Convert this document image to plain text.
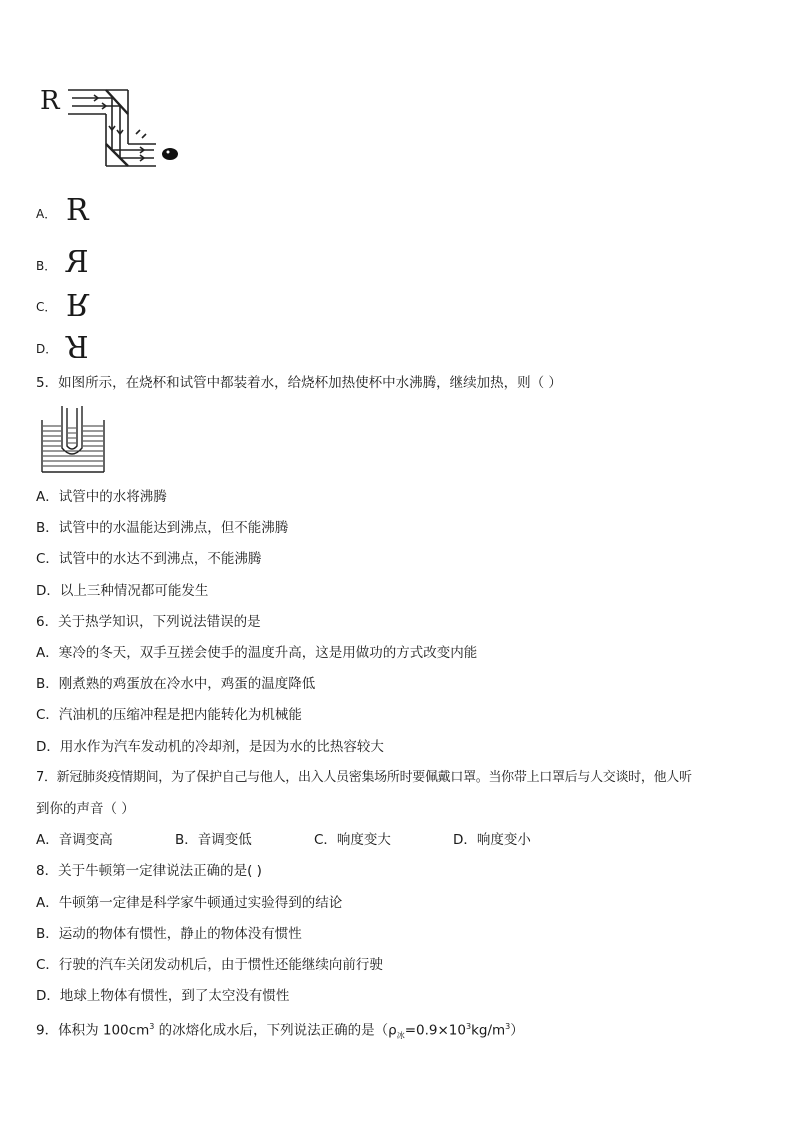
R
A． R
B． R
C． R
D． R
5．如图所示，在烧杯和试管中都装着水，给烧杯加热使杯中水沸腾，继续加热，则（ ）
A．试管中的水将沸腾
B．试管中的水温能达到沸点，但不能沸腾
C．试管中的水达不到沸点，不能沸腾
D．以上三种情况都可能发生
6．关于热学知识，下列说法错误的是
A．寒冷的冬天，双手互搓会使手的温度升高，这是用做功的方式改变内能
B．刚煮熟的鸡蛋放在冷水中，鸡蛋的温度降低
C．汽油机的压缩冲程是把内能转化为机械能
D．用水作为汽车发动机的冷却剂，是因为水的比热容较大
7．新冠肺炎疫情期间，为了保护自己与他人，出入人员密集场所时要佩戴口罩。当你带上口罩后与人交谈时，他人听
到你的声音（ ）
A．音调变高	B．音调变低	C．响度变大	D．响度变小
8．关于牛顿第一定律说法正确的是( )
A．牛顿第一定律是科学家牛顿通过实验得到的结论
B．运动的物体有惯性，静止的物体没有惯性
C．行驶的汽车关闭发动机后，由于惯性还能继续向前行驶
D．地球上物体有惯性，到了太空没有惯性
9．体积为 $100cm^3$ 的冰熔化成水后，下列说法正确的是$(\rho_冰=0.9\times 10^3kg/m^3)$
